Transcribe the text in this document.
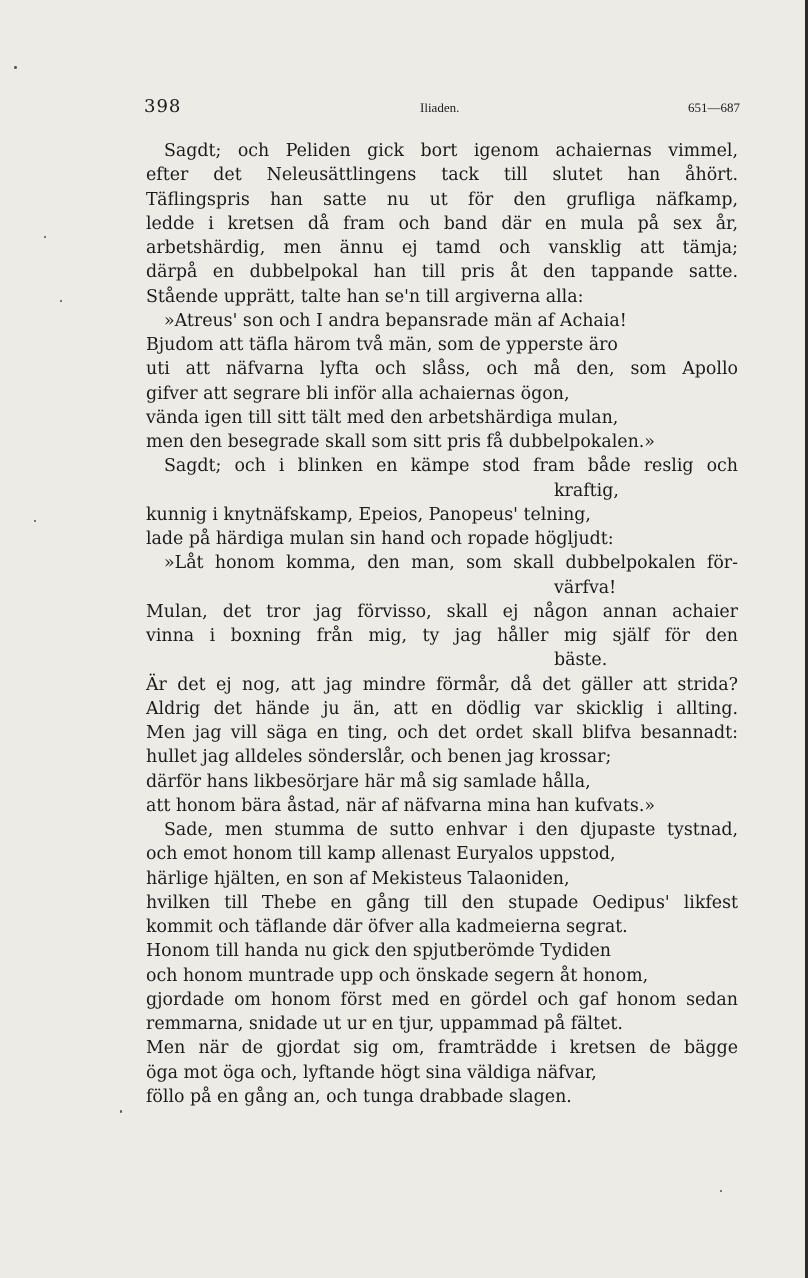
398	Iliaden.	651—687
Sagdt; och Peliden gick bort igenom achaiernas vimmel,
efter det Neleusättlingens tack till slutet han åhört.
Täflingspris han satte nu ut för den grufliga näfkamp,
ledde i kretsen då fram och band där en mula på sex år,
arbetshärdig, men ännu ej tamd och vansklig att tämja;
därpå en dubbelpokal han till pris åt den tappande satte.
Stående upprätt, talte han se'n till argiverna alla:
»Atreus' son och I andra bepansrade män af Achaia!
Bjudom att täfla härom två män, som de ypperste äro
uti att näfvarna lyfta och slåss, och må den, som Apollo
gifver att segrare bli inför alla achaiernas ögon,
vända igen till sitt tält med den arbetshärdiga mulan,
men den besegrade skall som sitt pris få dubbelpokalen.»
Sagdt; och i blinken en kämpe stod fram både reslig och
kraftig,
kunnig i knytnäfskamp, Epeios, Panopeus' telning,
lade på härdiga mulan sin hand och ropade högljudt:
»Låt honom komma, den man, som skall dubbelpokalen för-
värfva!
Mulan, det tror jag förvisso, skall ej någon annan achaier
vinna i boxning från mig, ty jag håller mig själf för den
bäste.
Är det ej nog, att jag mindre förmår, då det gäller att strida?
Aldrig det hände ju än, att en dödlig var skicklig i allting.
Men jag vill säga en ting, och det ordet skall blifva besannadt:
hullet jag alldeles sönderslår, och benen jag krossar;
därför hans likbesörjare här må sig samlade hålla,
att honom bära åstad, när af näfvarna mina han kufvats.»
Sade, men stumma de sutto enhvar i den djupaste tystnad,
och emot honom till kamp allenast Euryalos uppstod,
härlige hjälten, en son af Mekisteus Talaoniden,
hvilken till Thebe en gång till den stupade Oedipus' likfest
kommit och täflande där öfver alla kadmeierna segrat.
Honom till handa nu gick den spjutberömde Tydiden
och honom muntrade upp och önskade segern åt honom,
gjordade om honom först med en gördel och gaf honom sedan
remmarna, snidade ut ur en tjur, uppammad på fältet.
Men när de gjordat sig om, framträdde i kretsen de bägge
öga mot öga och, lyftande högt sina väldiga näfvar,
föllo på en gång an, och tunga drabbade slagen.
